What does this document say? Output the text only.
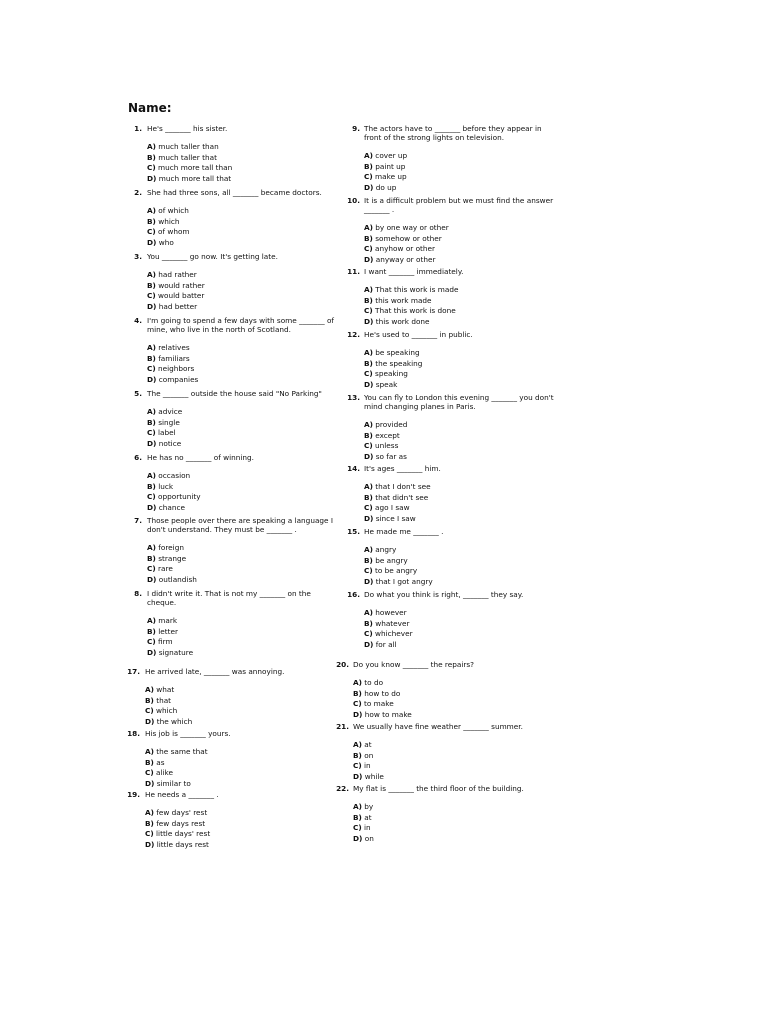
Name:
1. He's _______ his sister.
A) much taller than
B) much taller that
C) much more tall than
D) much more tall that
2. She had three sons, all _______ became doctors.
A) of which
B) which
C) of whom
D) who
3. You _______ go now. It's getting late.
A) had rather
B) would rather
C) would batter
D) had better
4. I'm going to spend a few days with some _______ of mine, who live in the north of Scotland.
A) relatives
B) familiars
C) neighbors
D) companies
5. The _______ outside the house said "No Parking"
A) advice
B) single
C) label
D) notice
6. He has no _______ of winning.
A) occasion
B) luck
C) opportunity
D) chance
7. Those people over there are speaking a language I don't understand. They must be _______ .
A) foreign
B) strange
C) rare
D) outlandish
8. I didn't write it. That is not my _______ on the cheque.
A) mark
B) letter
C) firm
D) signature
9. The actors have to _______ before they appear in front of the strong lights on television.
A) cover up
B) paint up
C) make up
D) do up
10. It is a difficult problem but we must find the answer _______ .
A) by one way or other
B) somehow or other
C) anyhow or other
D) anyway or other
11. I want _______ immediately.
A) That this work is made
B) this work made
C) That this work is done
D) this work done
12. He's used to _______ in public.
A) be speaking
B) the speaking
C) speaking
D) speak
13. You can fly to London this evening _______ you don't mind changing planes in Paris.
A) provided
B) except
C) unless
D) so far as
14. It's ages _______ him.
A) that I don't see
B) that didn't see
C) ago I saw
D) since I saw
15. He made me _______ .
A) angry
B) be angry
C) to be angry
D) that I got angry
16. Do what you think is right, _______ they say.
A) however
B) whatever
C) whichever
D) for all
17. He arrived late, _______ was annoying.
A) what
B) that
C) which
D) the which
18. His job is _______ yours.
A) the same that
B) as
C) alike
D) similar to
19. He needs a _______ .
A) few days' rest
B) few days rest
C) little days' rest
D) little days rest
20. Do you know _______ the repairs?
A) to do
B) how to do
C) to make
D) how to make
21. We usually have fine weather _______ summer.
A) at
B) on
C) in
D) while
22. My flat is _______ the third floor of the building.
A) by
B) at
C) in
D) on
